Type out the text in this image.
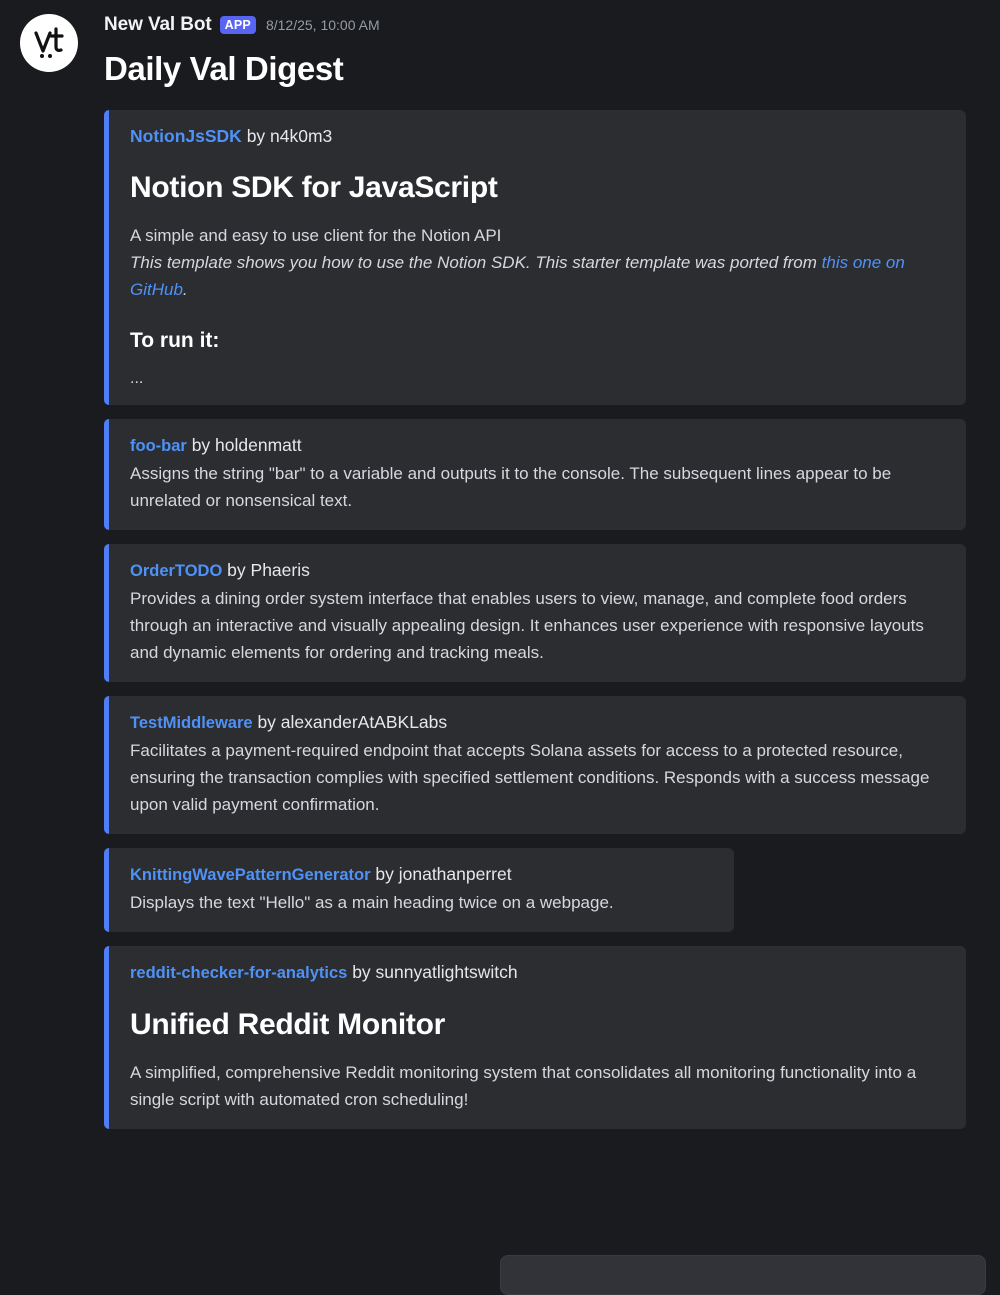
New Val Bot	APP	8/12/25, 10:00 AM
Daily Val Digest
NotionJsSDK by n4k0m3
Notion SDK for JavaScript
A simple and easy to use client for the Notion API
This template shows you how to use the Notion SDK. This starter template was ported from this one on GitHub.
To run it:
...
foo-bar by holdenmatt
Assigns the string "bar" to a variable and outputs it to the console. The subsequent lines appear to be unrelated or nonsensical text.
OrderTODO by Phaeris
Provides a dining order system interface that enables users to view, manage, and complete food orders through an interactive and visually appealing design. It enhances user experience with responsive layouts and dynamic elements for ordering and tracking meals.
TestMiddleware by alexanderAtABKLabs
Facilitates a payment-required endpoint that accepts Solana assets for access to a protected resource, ensuring the transaction complies with specified settlement conditions. Responds with a success message upon valid payment confirmation.
KnittingWavePatternGenerator by jonathanperret
Displays the text "Hello" as a main heading twice on a webpage.
reddit-checker-for-analytics by sunnyatlightswitch
Unified Reddit Monitor
A simplified, comprehensive Reddit monitoring system that consolidates all monitoring functionality into a single script with automated cron scheduling!
